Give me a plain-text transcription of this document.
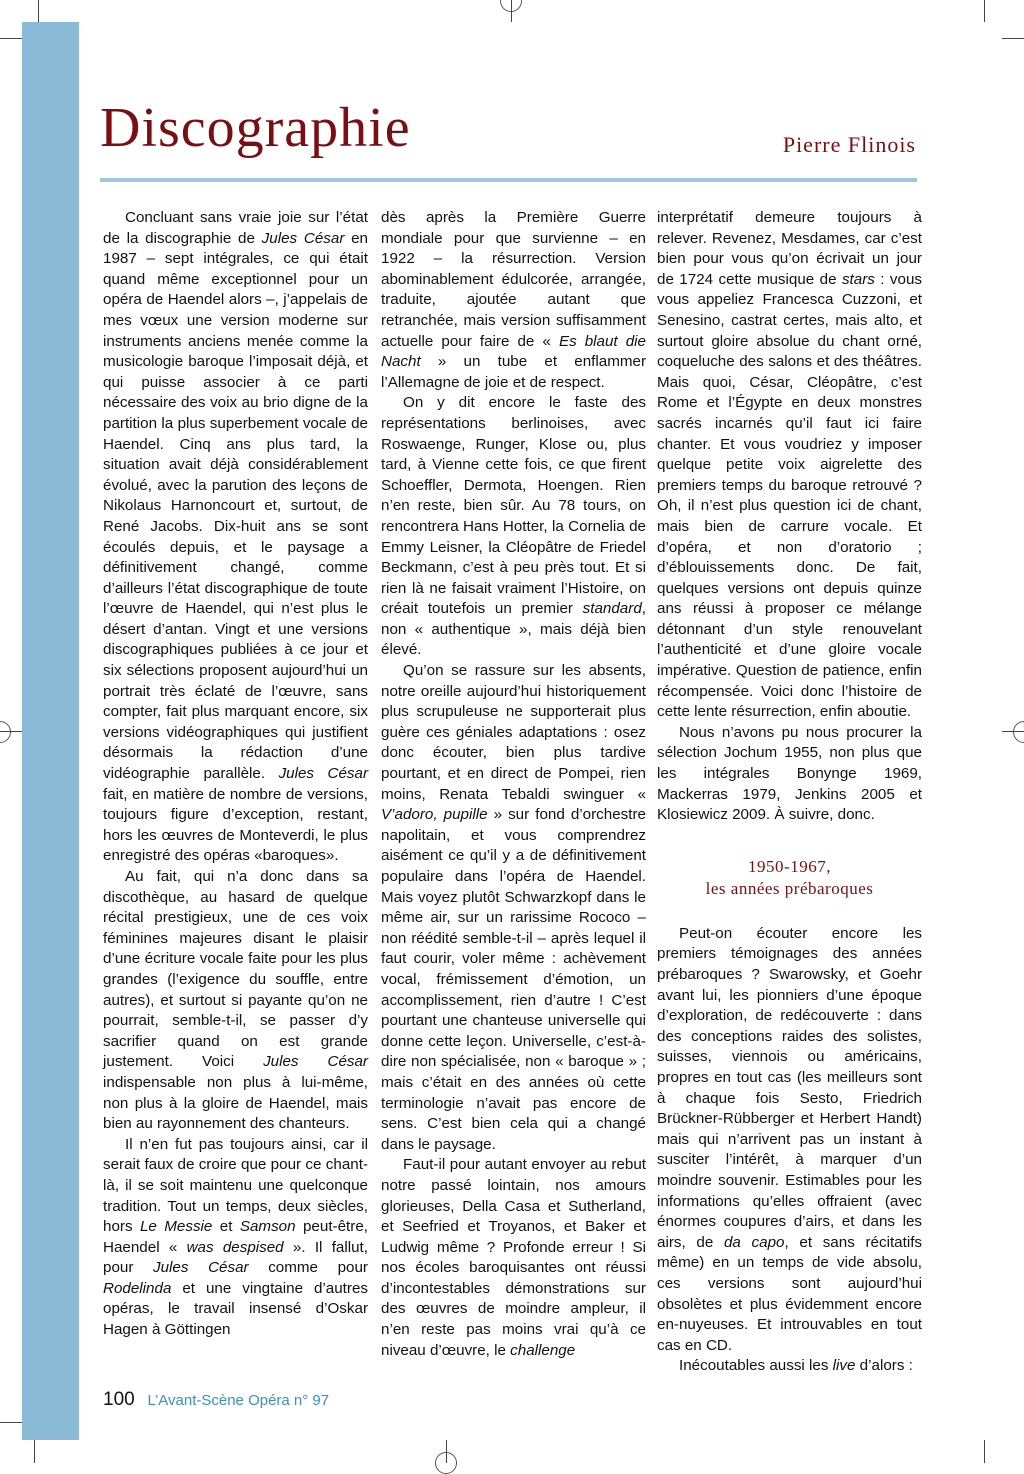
Discographie	Pierre Flinois

Concluant sans vraie joie sur l’état de la discographie de Jules César en 1987 – sept intégrales, ce qui était quand même exceptionnel pour un opéra de Haendel alors –, j’appelais de mes vœux une version moderne sur instruments anciens menée comme la musicologie baroque l’imposait déjà, et qui puisse associer à ce parti nécessaire des voix au brio digne de la partition la plus superbement vocale de Haendel. Cinq ans plus tard, la situation avait déjà considérablement évolué, avec la parution des leçons de Nikolaus Harnoncourt et, surtout, de René Jacobs. Dix-huit ans se sont écoulés depuis, et le paysage a définitivement changé, comme d’ailleurs l’état discographique de toute l’œuvre de Haendel, qui n’est plus le désert d’antan. Vingt et une versions discographiques publiées à ce jour et six sélections proposent aujourd’hui un portrait très éclaté de l’œuvre, sans compter, fait plus marquant encore, six versions vidéographiques qui justifient désormais la rédaction d’une vidéographie parallèle. Jules César fait, en matière de nombre de versions, toujours figure d’exception, restant, hors les œuvres de Monteverdi, le plus enregistré des opéras «baroques».

Au fait, qui n’a donc dans sa discothèque, au hasard de quelque récital prestigieux, une de ces voix féminines majeures disant le plaisir d’une écriture vocale faite pour les plus grandes (l’exigence du souffle, entre autres), et surtout si payante qu’on ne pourrait, semble-t-il, se passer d’y sacrifier quand on est grande justement. Voici Jules César indispensable non plus à lui-même, non plus à la gloire de Haendel, mais bien au rayonnement des chanteurs.

Il n’en fut pas toujours ainsi, car il serait faux de croire que pour ce chant-là, il se soit maintenu une quelconque tradition. Tout un temps, deux siècles, hors Le Messie et Samson peut-être, Haendel « was despised ». Il fallut, pour Jules César comme pour Rodelinda et une vingtaine d’autres opéras, le travail insensé d’Oskar Hagen à Göttingen

dès après la Première Guerre mondiale pour que survienne – en 1922 – la résurrection. Version abominablement édulcorée, arrangée, traduite, ajoutée autant que retranchée, mais version suffisamment actuelle pour faire de « Es blaut die Nacht » un tube et enflammer l’Allemagne de joie et de respect.

On y dit encore le faste des représentations berlinoises, avec Roswaenge, Runger, Klose ou, plus tard, à Vienne cette fois, ce que firent Schoeffler, Dermota, Hoengen. Rien n’en reste, bien sûr. Au 78 tours, on rencontrera Hans Hotter, la Cornelia de Emmy Leisner, la Cléopâtre de Friedel Beckmann, c’est à peu près tout. Et si rien là ne faisait vraiment l’Histoire, on créait toutefois un premier standard, non « authentique », mais déjà bien élevé.

Qu’on se rassure sur les absents, notre oreille aujourd’hui historiquement plus scrupuleuse ne supporterait plus guère ces géniales adaptations : osez donc écouter, bien plus tardive pourtant, et en direct de Pompei, rien moins, Renata Tebaldi swinguer « V’adoro, pupille » sur fond d’orchestre napolitain, et vous comprendrez aisément ce qu’il y a de définitivement populaire dans l’opéra de Haendel. Mais voyez plutôt Schwarzkopf dans le même air, sur un rarissime Rococo – non réédité semble-t-il – après lequel il faut courir, voler même : achèvement vocal, frémissement d’émotion, un accomplissement, rien d’autre ! C’est pourtant une chanteuse universelle qui donne cette leçon. Universelle, c’est-à-dire non spécialisée, non « baroque » ; mais c’était en des années où cette terminologie n’avait pas encore de sens. C’est bien cela qui a changé dans le paysage.

Faut-il pour autant envoyer au rebut notre passé lointain, nos amours glorieuses, Della Casa et Sutherland, et Seefried et Troyanos, et Baker et Ludwig même ? Profonde erreur ! Si nos écoles baroquisantes ont réussi d’incontestables démonstrations sur des œuvres de moindre ampleur, il n’en reste pas moins vrai qu’à ce niveau d’œuvre, le challenge

interprétatif demeure toujours à relever. Revenez, Mesdames, car c’est bien pour vous qu’on écrivait un jour de 1724 cette musique de stars : vous vous appeliez Francesca Cuzzoni, et Senesino, castrat certes, mais alto, et surtout gloire absolue du chant orné, coqueluche des salons et des théâtres. Mais quoi, César, Cléopâtre, c’est Rome et l’Égypte en deux monstres sacrés incarnés qu’il faut ici faire chanter. Et vous voudriez y imposer quelque petite voix aigrelette des premiers temps du baroque retrouvé ? Oh, il n’est plus question ici de chant, mais bien de carrure vocale. Et d’opéra, et non d’oratorio ; d’éblouissements donc. De fait, quelques versions ont depuis quinze ans réussi à proposer ce mélange détonnant d’un style renouvelant l’authenticité et d’une gloire vocale impérative. Question de patience, enfin récompensée. Voici donc l’histoire de cette lente résurrection, enfin aboutie.

Nous n’avons pu nous procurer la sélection Jochum 1955, non plus que les intégrales Bonynge 1969, Mackerras 1979, Jenkins 2005 et Klosiewicz 2009. À suivre, donc.

1950-1967,
les années prébaroques

Peut-on écouter encore les premiers témoignages des années prébaroques ? Swarowsky, et Goehr avant lui, les pionniers d’une époque d’exploration, de redécouverte : dans des conceptions raides des solistes, suisses, viennois ou américains, propres en tout cas (les meilleurs sont à chaque fois Sesto, Friedrich Brückner-Rübberger et Herbert Handt) mais qui n’arrivent pas un instant à susciter l’intérêt, à marquer d’un moindre souvenir. Estimables pour les informations qu’elles offraient (avec énormes coupures d’airs, et dans les airs, de da capo, et sans récitatifs même) en un temps de vide absolu, ces versions sont aujourd’hui obsolètes et plus évidemment encore en-nuyeuses. Et introuvables en tout cas en CD.

Inécoutables aussi les live d’alors :

100 L’Avant-Scène Opéra n° 97
